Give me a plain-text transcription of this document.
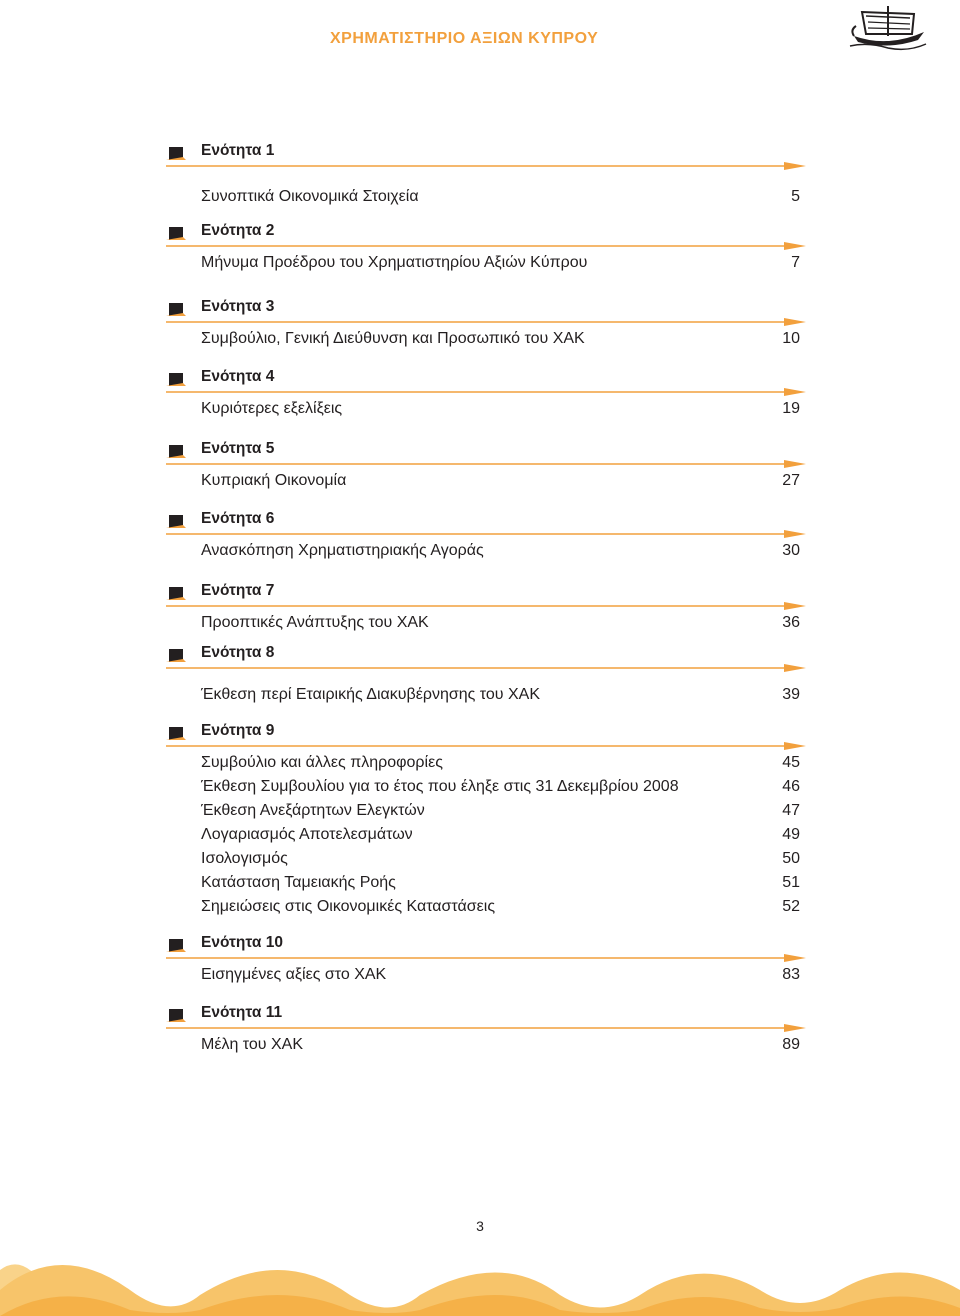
ΧΡΗΜΑΤΙΣΤΗΡΙΟ ΑΞΙΩΝ ΚΥΠΡΟΥ
Ενότητα 1
Συνοπτικά Οικονομικά Στοιχεία	5
Ενότητα 2
Μήνυμα Προέδρου του Χρηματιστηρίου Αξιών Κύπρου	7
Ενότητα 3
Συμβούλιο, Γενική Διεύθυνση και Προσωπικό του ΧΑΚ	10
Ενότητα 4
Κυριότερες εξελίξεις	19
Ενότητα 5
Κυπριακή Οικονομία	27
Ενότητα 6
Ανασκόπηση Χρηματιστηριακής Αγοράς	30
Ενότητα 7
Προοπτικές Ανάπτυξης του ΧΑΚ	36
Ενότητα 8
Έκθεση περί Εταιρικής Διακυβέρνησης του ΧΑΚ	39
Ενότητα 9
Συμβούλιο και άλλες πληροφορίες	45
Έκθεση Συμβουλίου για το έτος που έληξε στις 31 Δεκεμβρίου 2008	46
Έκθεση Ανεξάρτητων Ελεγκτών	47
Λογαριασμός Αποτελεσμάτων	49
Ισολογισμός	50
Κατάσταση Ταμειακής Ροής	51
Σημειώσεις στις Οικονομικές Καταστάσεις	52
Ενότητα 10
Εισηγμένες αξίες στο ΧΑΚ	83
Ενότητα 11
Μέλη του ΧΑΚ	89
3
